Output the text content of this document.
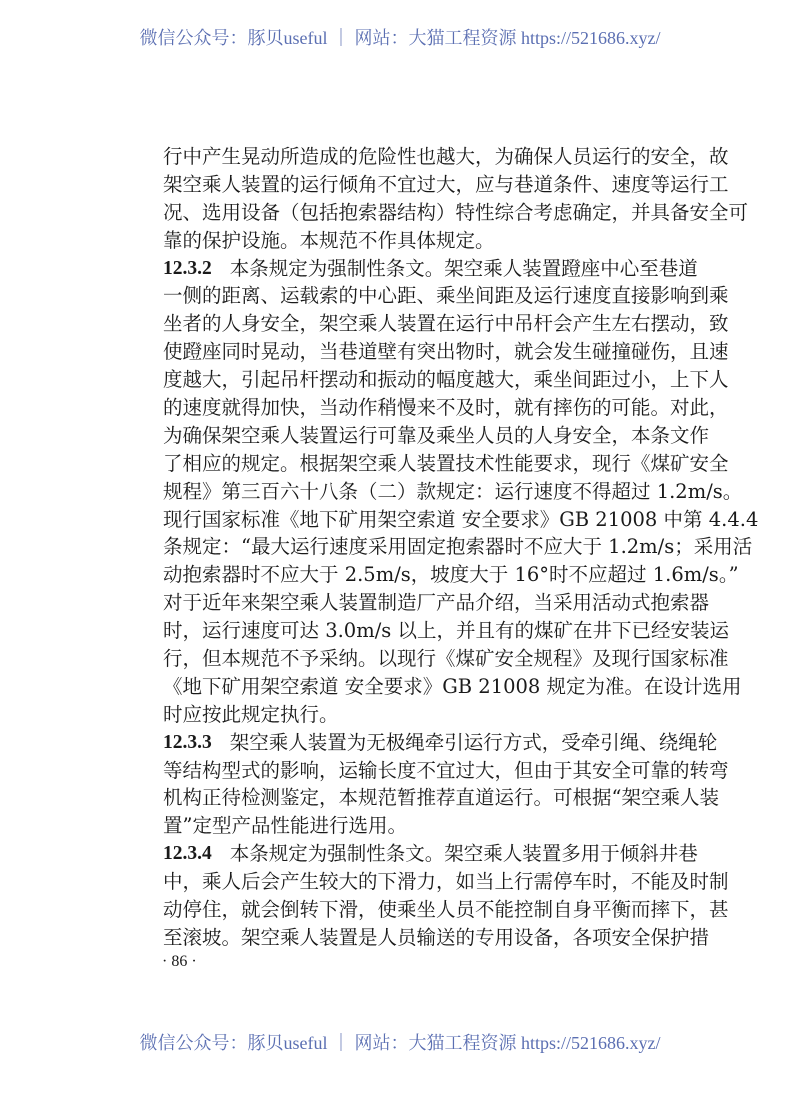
微信公众号：豚贝useful ｜ 网站：大猫工程资源 https://521686.xyz/
行中产生晃动所造成的危险性也越大，为确保人员运行的安全，故
架空乘人装置的运行倾角不宜过大，应与巷道条件、速度等运行工
况、选用设备（包括抱索器结构）特性综合考虑确定，并具备安全可
靠的保护设施。本规范不作具体规定。
12.3.2 本条规定为强制性条文。架空乘人装置蹬座中心至巷道
一侧的距离、运载索的中心距、乘坐间距及运行速度直接影响到乘
坐者的人身安全，架空乘人装置在运行中吊杆会产生左右摆动，致
使蹬座同时晃动，当巷道壁有突出物时，就会发生碰撞碰伤，且速
度越大，引起吊杆摆动和振动的幅度越大，乘坐间距过小，上下人
的速度就得加快，当动作稍慢来不及时，就有摔伤的可能。对此，
为确保架空乘人装置运行可靠及乘坐人员的人身安全，本条文作
了相应的规定。根据架空乘人装置技术性能要求，现行《煤矿安全
规程》第三百六十八条（二）款规定：运行速度不得超过 1.2m/s。
现行国家标准《地下矿用架空索道 安全要求》GB 21008 中第 4.4.4
条规定：“最大运行速度采用固定抱索器时不应大于 1.2m/s；采用活
动抱索器时不应大于 2.5m/s，坡度大于 16°时不应超过 1.6m/s。”
对于近年来架空乘人装置制造厂产品介绍，当采用活动式抱索器
时，运行速度可达 3.0m/s 以上，并且有的煤矿在井下已经安装运
行，但本规范不予采纳。以现行《煤矿安全规程》及现行国家标准
《地下矿用架空索道 安全要求》GB 21008 规定为准。在设计选用
时应按此规定执行。
12.3.3 架空乘人装置为无极绳牵引运行方式，受牵引绳、绕绳轮
等结构型式的影响，运输长度不宜过大，但由于其安全可靠的转弯
机构正待检测鉴定，本规范暂推荐直道运行。可根据“架空乘人装
置”定型产品性能进行选用。
12.3.4 本条规定为强制性条文。架空乘人装置多用于倾斜井巷
中，乘人后会产生较大的下滑力，如当上行需停车时，不能及时制
动停住，就会倒转下滑，使乘坐人员不能控制自身平衡而摔下，甚
至滚坡。架空乘人装置是人员输送的专用设备，各项安全保护措
· 86 ·
微信公众号：豚贝useful ｜ 网站：大猫工程资源 https://521686.xyz/
